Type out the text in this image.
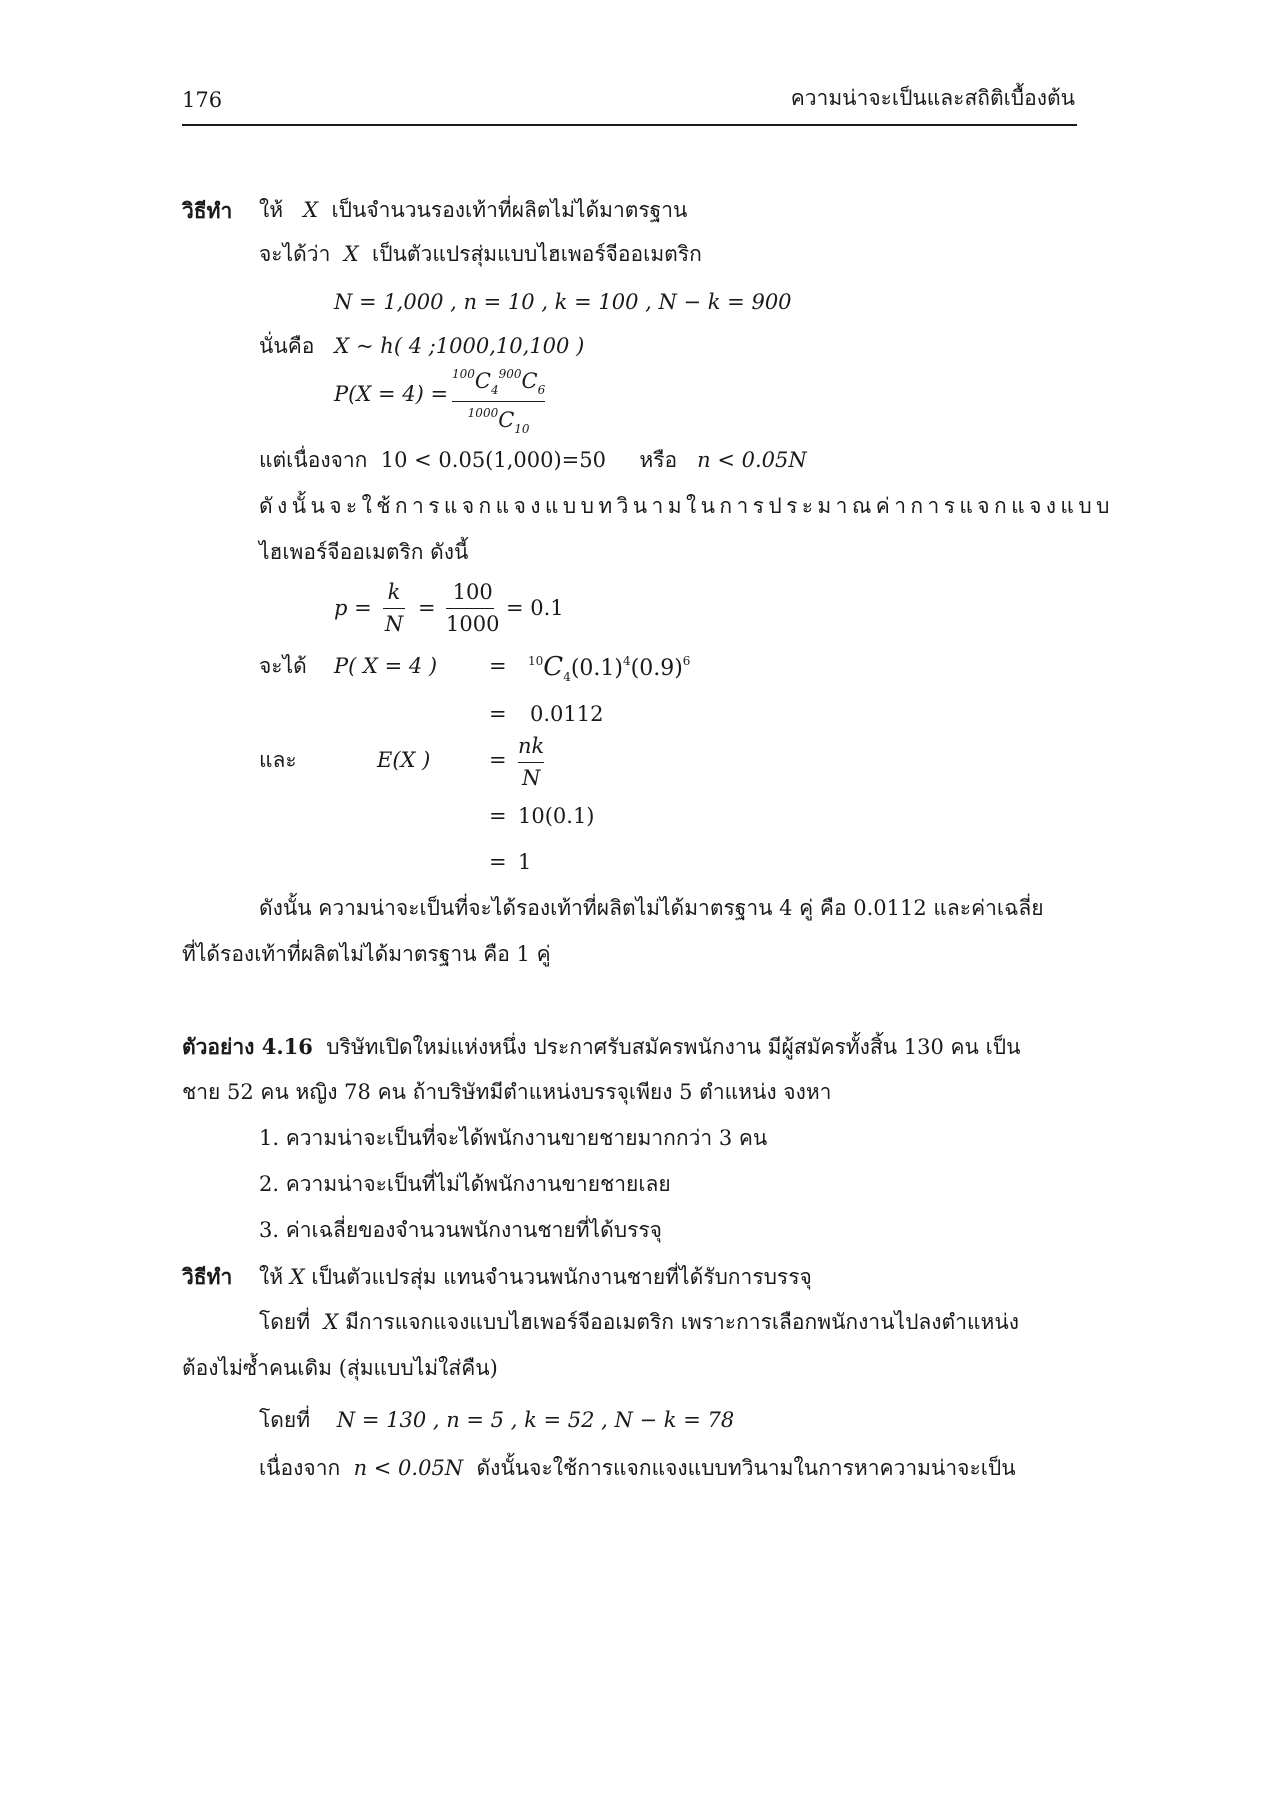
176	ความน่าจะเป็นและสถิติเบื้องต้น
วิธีทำ ให้ X เป็นจำนวนรองเท้าที่ผลิตไม่ได้มาตรฐาน
จะได้ว่า X เป็นตัวแปรสุ่มแบบไฮเพอร์จีออเมตริก
N = 1,000 , n = 10 , k = 100 , N − k = 900
นั่นคือ X ~ h( 4 ;1000,10,100 )
P(X = 4) =
$^{100}C_4^{900}C_6$
$^{1000}C_{10}$
แต่เนื่องจาก 10 < 0.05(1,000)=50 หรือ n < 0.05N
ดังนั้นจะใช้การแจกแจงแบบทวินามในการประมาณค่าการแจกแจงแบบ
ไฮเพอร์จีออเมตริก ดังนี้
p =
k
N
=
100
1000
= 0.1
จะได้ P( X = 4 ) = $^{10}C_4(0.1)^4(0.9)^6$
= 0.0112
และ	E(X )	=
nk
N
= 10(0.1)
= 1
ดังนั้น ความน่าจะเป็นที่จะได้รองเท้าที่ผลิตไม่ได้มาตรฐาน 4 คู่ คือ 0.0112 และค่าเฉลี่ย
ที่ได้รองเท้าที่ผลิตไม่ได้มาตรฐาน คือ 1 คู่
ตัวอย่าง 4.16 บริษัทเปิดใหม่แห่งหนึ่ง ประกาศรับสมัครพนักงาน มีผู้สมัครทั้งสิ้น 130 คน เป็น
ชาย 52 คน หญิง 78 คน ถ้าบริษัทมีตำแหน่งบรรจุเพียง 5 ตำแหน่ง จงหา
1. ความน่าจะเป็นที่จะได้พนักงานขายชายมากกว่า 3 คน
2. ความน่าจะเป็นที่ไม่ได้พนักงานขายชายเลย
3. ค่าเฉลี่ยของจำนวนพนักงานชายที่ได้บรรจุ
วิธีทำ ให้ X เป็นตัวแปรสุ่ม แทนจำนวนพนักงานชายที่ได้รับการบรรจุ
โดยที่ X มีการแจกแจงแบบไฮเพอร์จีออเมตริก เพราะการเลือกพนักงานไปลงตำแหน่ง
ต้องไม่ซ้ำคนเดิม (สุ่มแบบไม่ใส่คืน)
โดยที่ N = 130 , n = 5 , k = 52 , N − k = 78
เนื่องจาก n < 0.05N ดังนั้นจะใช้การแจกแจงแบบทวินามในการหาความน่าจะเป็น
